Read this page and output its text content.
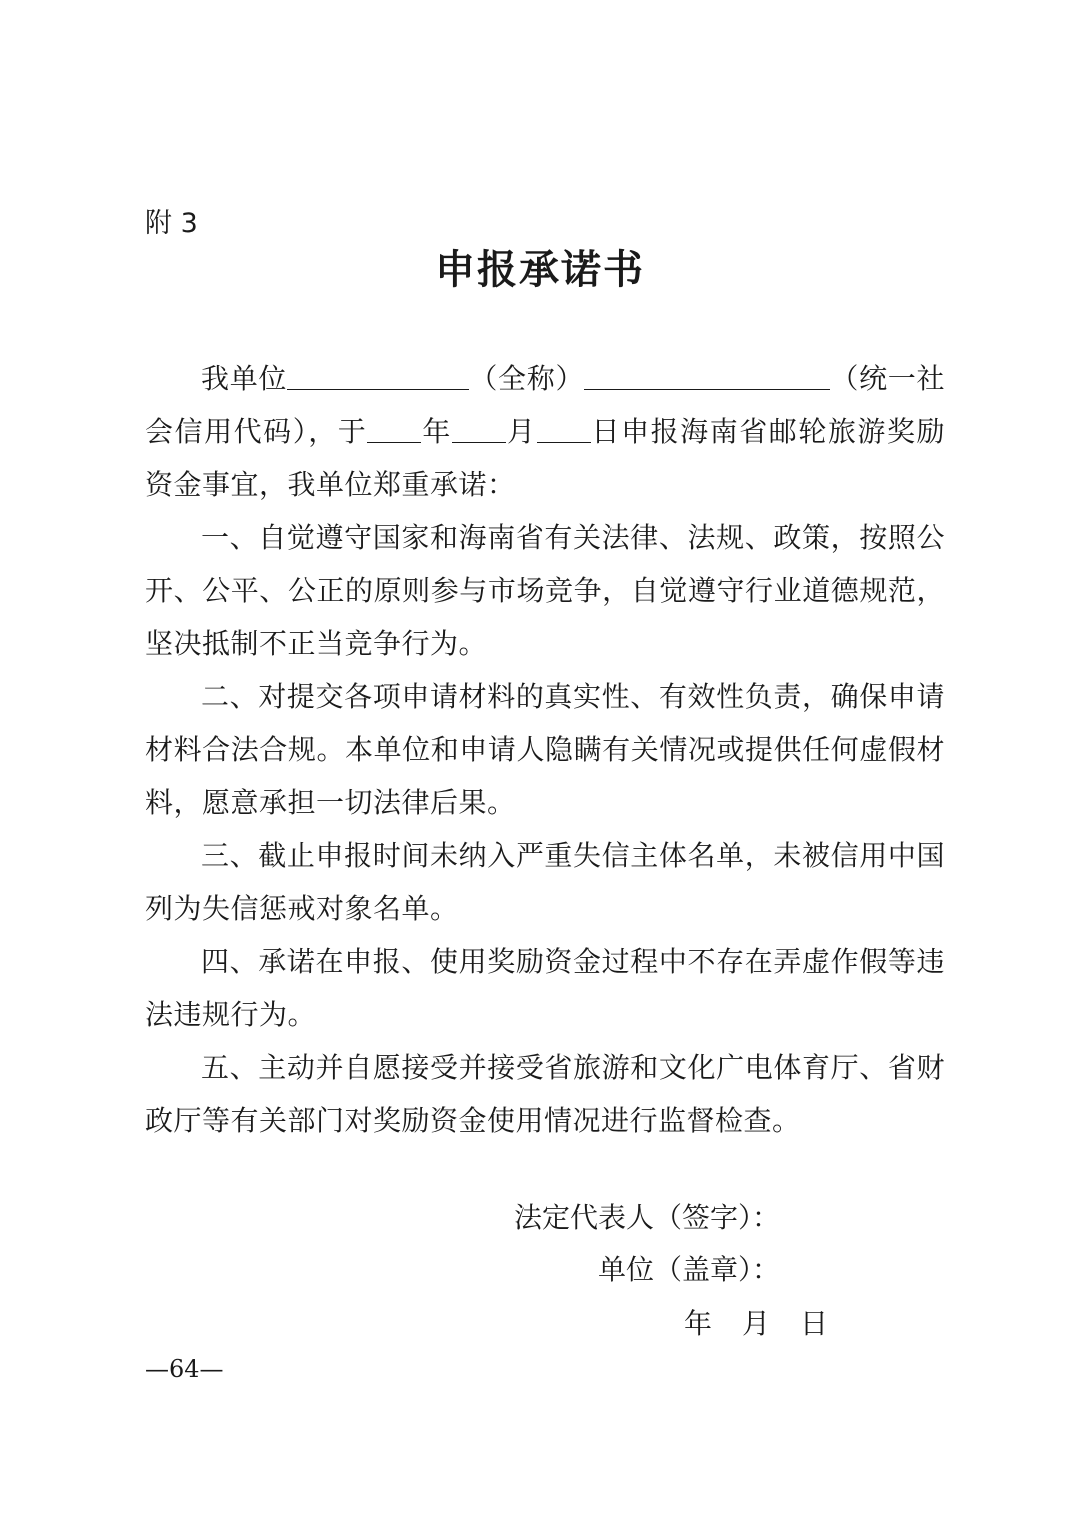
附 3
申报承诺书

我单位	（全称）	（统一社会信用代码），于 年 月 日申报海南省邮轮旅游奖励资金事宜，我单位郑重承诺：

一、自觉遵守国家和海南省有关法律、法规、政策，按照公开、公平、公正的原则参与市场竞争，自觉遵守行业道德规范，坚决抵制不正当竞争行为。

二、对提交各项申请材料的真实性、有效性负责，确保申请材料合法合规。本单位和申请人隐瞒有关情况或提供任何虚假材料，愿意承担一切法律后果。

三、截止申报时间未纳入严重失信主体名单，未被信用中国列为失信惩戒对象名单。

四、承诺在申报、使用奖励资金过程中不存在弄虚作假等违法违规行为。

五、主动并自愿接受并接受省旅游和文化广电体育厅、省财政厅等有关部门对奖励资金使用情况进行监督检查。

法定代表人（签字）：
单位（盖章）：
年 月 日
—64—
